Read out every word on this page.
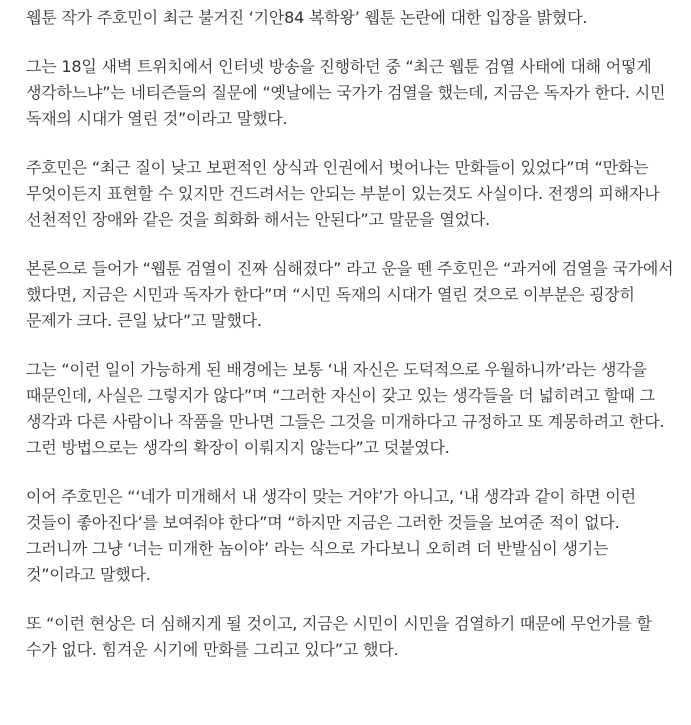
웹툰 작가 주호민이 최근 불거진 ‘기안84 복학왕’ 웹툰 논란에 대한 입장을 밝혔다.

그는 18일 새벽 트위치에서 인터넷 방송을 진행하던 중 “최근 웹툰 검열 사태에 대해 어떻게 생각하느냐”는 네티즌들의 질문에 “옛날에는 국가가 검열을 했는데, 지금은 독자가 한다. 시민 독재의 시대가 열린 것”이라고 말했다.

주호민은 “최근 질이 낮고 보편적인 상식과 인권에서 벗어나는 만화들이 있었다”며 “만화는 무엇이든지 표현할 수 있지만 건드려서는 안되는 부분이 있는것도 사실이다. 전쟁의 피해자나 선천적인 장애와 같은 것을 희화화 해서는 안된다”고 말문을 열었다.

본론으로 들어가 “웹툰 검열이 진짜 심해졌다” 라고 운을 뗀 주호민은 “과거에 검열을 국가에서 했다면, 지금은 시민과 독자가 한다”며 “시민 독재의 시대가 열린 것으로 이부분은 굉장히 문제가 크다. 큰일 났다”고 말했다.

그는 “이런 일이 가능하게 된 배경에는 보통 ‘내 자신은 도덕적으로 우월하니까’라는 생각을 때문인데, 사실은 그렇지가 않다”며 “그러한 자신이 갖고 있는 생각들을 더 넓히려고 할때 그 생각과 다른 사람이나 작품을 만나면 그들은 그것을 미개하다고 규정하고 또 계몽하려고 한다. 그런 방법으로는 생각의 확장이 이뤄지지 않는다”고 덧붙였다.

이어 주호민은 “‘네가 미개해서 내 생각이 맞는 거야’가 아니고, ‘내 생각과 같이 하면 이런 것들이 좋아진다’를 보여줘야 한다”며 “하지만 지금은 그러한 것들을 보여준 적이 없다. 그러니까 그냥 ‘너는 미개한 놈이야’ 라는 식으로 가다보니 오히려 더 반발심이 생기는 것”이라고 말했다.

또 “이런 현상은 더 심해지게 될 것이고, 지금은 시민이 시민을 검열하기 때문에 무언가를 할 수가 없다. 힘겨운 시기에 만화를 그리고 있다”고 했다.
